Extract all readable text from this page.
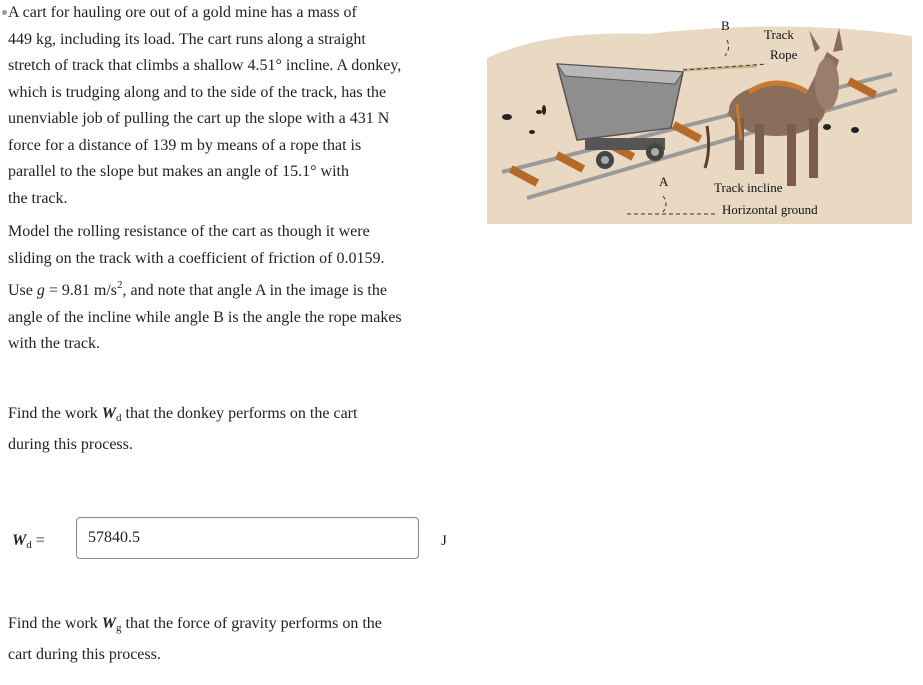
A cart for hauling ore out of a gold mine has a mass of
449 kg, including its load. The cart runs along a straight
stretch of track that climbs a shallow 4.51° incline. A donkey,
which is trudging along and to the side of the track, has the
unenviable job of pulling the cart up the slope with a 431 N
force for a distance of 139 m by means of a rope that is
parallel to the slope but makes an angle of 15.1° with
the track.
Model the rolling resistance of the cart as though it were
sliding on the track with a coefficient of friction of 0.0159.
Use g = 9.81 $m/s^2$, and note that angle A in the image is the
angle of the incline while angle B is the angle the rope makes
with the track.
Find the work $W_d$ that the donkey performs on the cart
during this process.
$W_d$ =
57840.5	J
Find the work $W_g$ that the force of gravity performs on the
cart during this process.
B
Track
Rope
A	Track incline
Horizontal ground
